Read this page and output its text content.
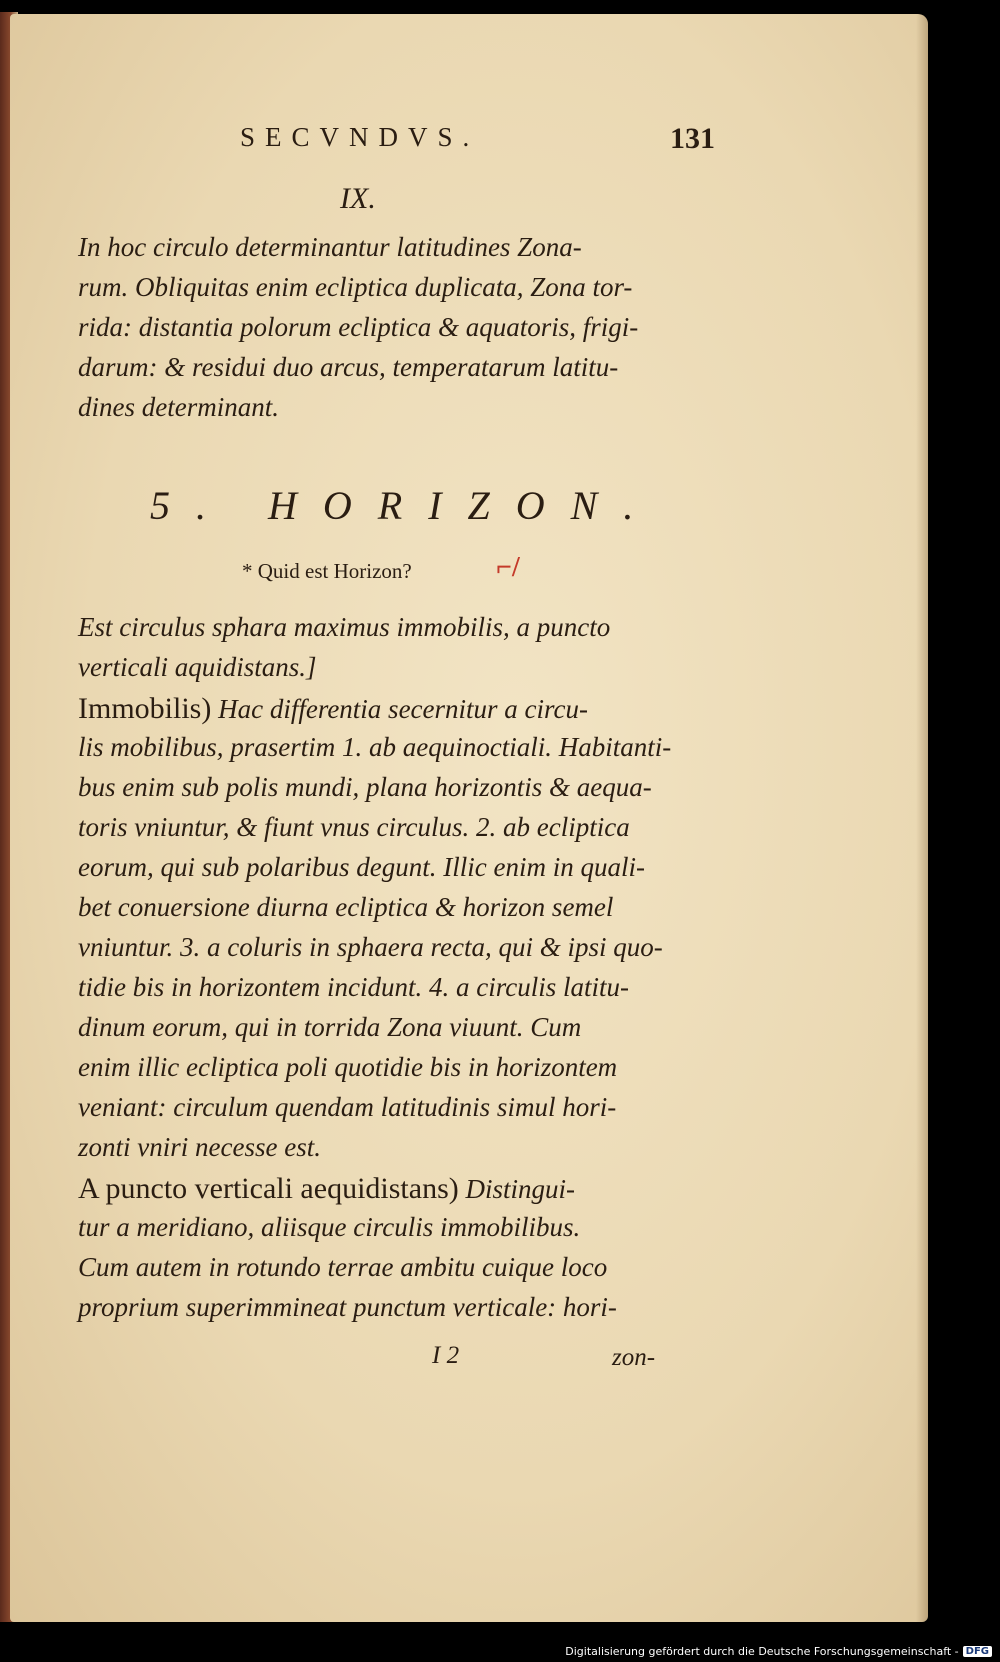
SECVNDVS.	131
IX.
In hoc circulo determinantur latitudines Zona-
rum. Obliquitas enim ecliptica duplicata, Zona tor-
rida: distantia polorum ecliptica & aquatoris, frigi-
darum: & residui duo arcus, temperatarum latitu-
dines determinant.
5. HORIZON.
* Quid est Horizon?	⌐/
Est circulus sphara maximus immobilis, a puncto
verticali aquidistans.]
Immobilis) Hac differentia secernitur a circu-
lis mobilibus, prasertim 1. ab aequinoctiali. Habitanti-
bus enim sub polis mundi, plana horizontis & aequa-
toris vniuntur, & fiunt vnus circulus. 2. ab ecliptica
eorum, qui sub polaribus degunt. Illic enim in quali-
bet conuersione diurna ecliptica & horizon semel
vniuntur. 3. a coluris in sphaera recta, qui & ipsi quo-
tidie bis in horizontem incidunt. 4. a circulis latitu-
dinum eorum, qui in torrida Zona viuunt. Cum
enim illic ecliptica poli quotidie bis in horizontem
veniant: circulum quendam latitudinis simul hori-
zonti vniri necesse est.
A puncto verticali aequidistans) Distingui-
tur a meridiano, aliisque circulis immobilibus.
Cum autem in rotundo terrae ambitu cuique loco
proprium superimmineat punctum verticale: hori-
I 2	zon-
Digitalisierung gefördert durch die Deutsche Forschungsgemeinschaft - DFG
